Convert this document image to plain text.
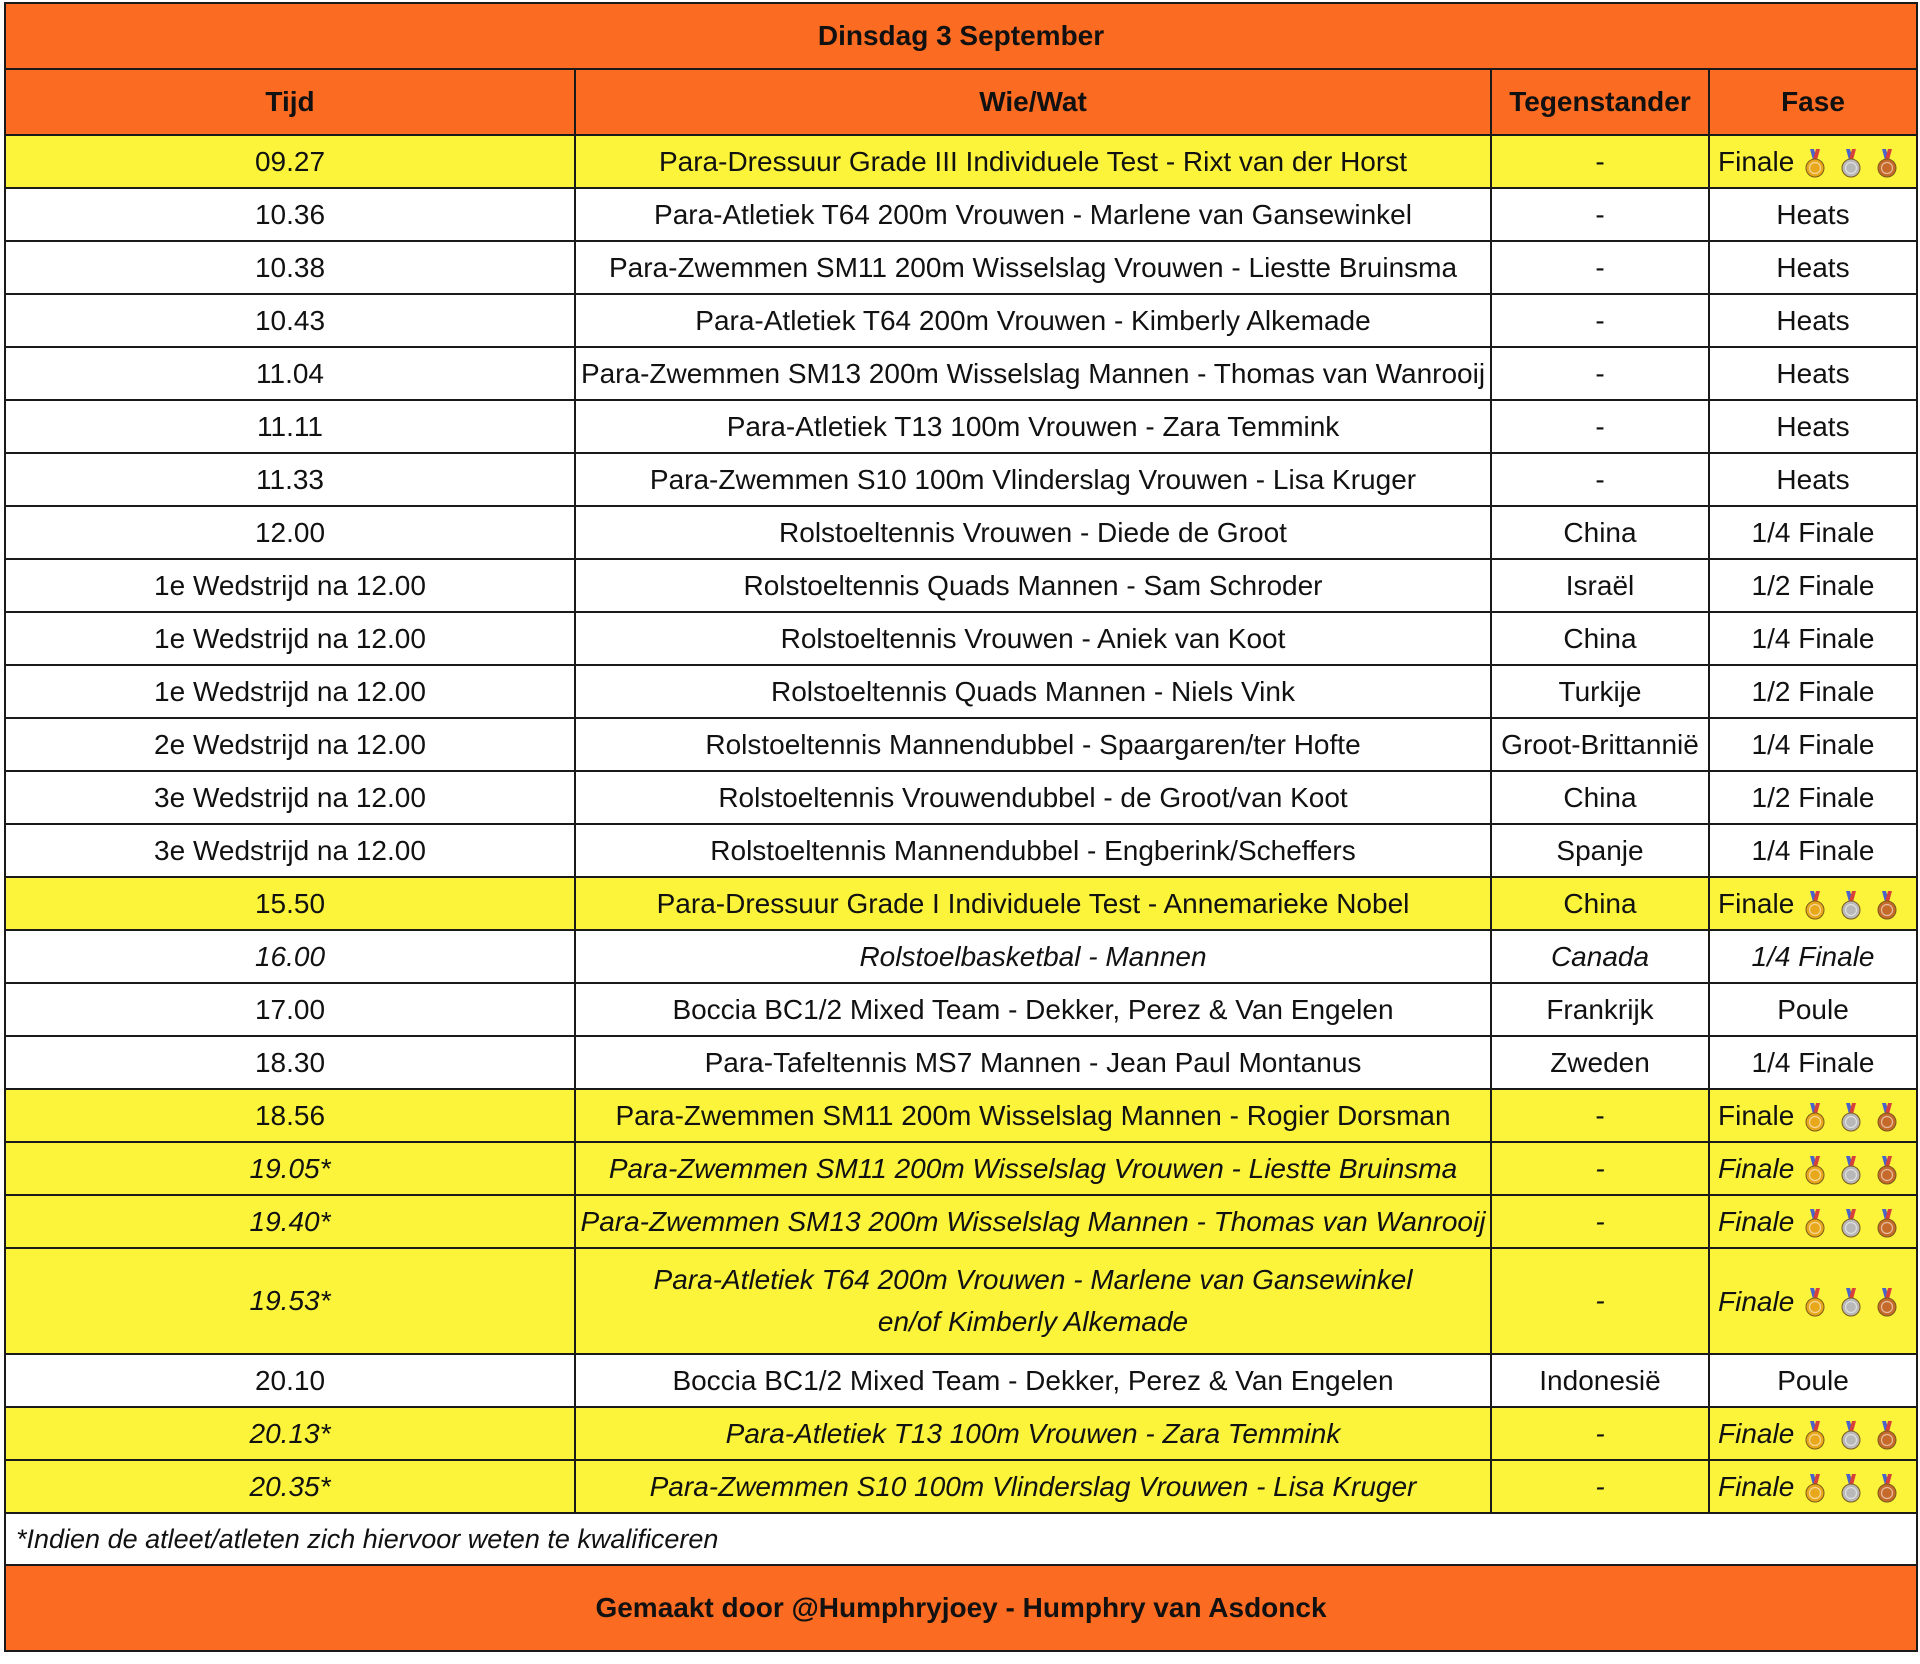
Dinsdag 3 September			
Tijd	Wie/Wat	Tegenstander	Fase
09.27	Para-Dressuur Grade III Individuele Test - Rixt van der Horst	-	Finale
10.36	Para-Atletiek T64 200m Vrouwen - Marlene van Gansewinkel	-	Heats
10.38	Para-Zwemmen SM11 200m Wisselslag Vrouwen - Liestte Bruinsma	-	Heats
10.43	Para-Atletiek T64 200m Vrouwen - Kimberly Alkemade	-	Heats
11.04	Para-Zwemmen SM13 200m Wisselslag Mannen - Thomas van Wanrooij	-	Heats
11.11	Para-Atletiek T13 100m Vrouwen - Zara Temmink	-	Heats
11.33	Para-Zwemmen S10 100m Vlinderslag Vrouwen - Lisa Kruger	-	Heats
12.00	Rolstoeltennis Vrouwen - Diede de Groot	China	1/4 Finale
1e Wedstrijd na 12.00	Rolstoeltennis Quads Mannen - Sam Schroder	Israël	1/2 Finale
1e Wedstrijd na 12.00	Rolstoeltennis Vrouwen - Aniek van Koot	China	1/4 Finale
1e Wedstrijd na 12.00	Rolstoeltennis Quads Mannen - Niels Vink	Turkije	1/2 Finale
2e Wedstrijd na 12.00	Rolstoeltennis Mannendubbel - Spaargaren/ter Hofte	Groot-Brittannië	1/4 Finale
3e Wedstrijd na 12.00	Rolstoeltennis Vrouwendubbel - de Groot/van Koot	China	1/2 Finale
3e Wedstrijd na 12.00	Rolstoeltennis Mannendubbel - Engberink/Scheffers	Spanje	1/4 Finale
15.50	Para-Dressuur Grade I Individuele Test - Annemarieke Nobel	China	Finale
16.00	Rolstoelbasketbal - Mannen	Canada	1/4 Finale
17.00	Boccia BC1/2 Mixed Team - Dekker, Perez & Van Engelen	Frankrijk	Poule
18.30	Para-Tafeltennis MS7 Mannen - Jean Paul Montanus	Zweden	1/4 Finale
18.56	Para-Zwemmen SM11 200m Wisselslag Mannen - Rogier Dorsman	-	Finale
19.05*	Para-Zwemmen SM11 200m Wisselslag Vrouwen - Liestte Bruinsma	-	Finale
19.40*	Para-Zwemmen SM13 200m Wisselslag Mannen - Thomas van Wanrooij	-	Finale
19.53*	Para-Atletiek T64 200m Vrouwen - Marlene van Gansewinkel en/of Kimberly Alkemade	-	Finale
20.10	Boccia BC1/2 Mixed Team - Dekker, Perez & Van Engelen	Indonesië	Poule
20.13*	Para-Atletiek T13 100m Vrouwen - Zara Temmink	-	Finale
20.35*	Para-Zwemmen S10 100m Vlinderslag Vrouwen - Lisa Kruger	-	Finale
*Indien de atleet/atleten zich hiervoor weten te kwalificeren			
Gemaakt door @Humphryjoey - Humphry van Asdonck			
